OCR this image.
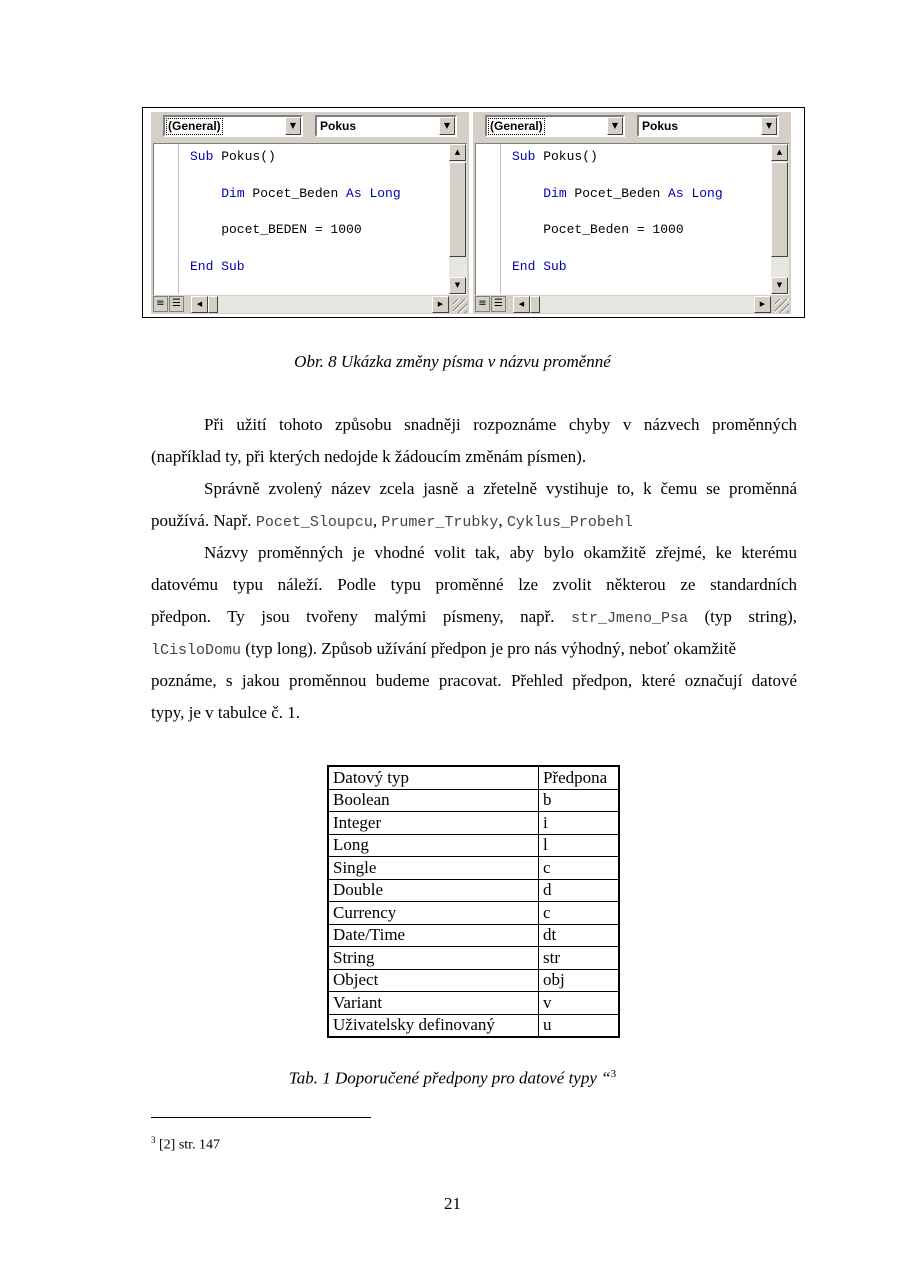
(General)	▼	Pokus	▼
Sub Pokus()
Dim Pocet_Beden As Long
pocet_BEDEN = 1000
End Sub
▲
▼
≡ ☰	◀	▶
(General)	▼	Pokus	▼
Sub Pokus()
Dim Pocet_Beden As Long
Pocet_Beden = 1000
End Sub
▲
▼
≡ ☰	◀	▶
Obr. 8 Ukázka změny písma v názvu proměnné
Při užití tohoto způsobu snadněji rozpoznáme chyby v názvech proměnných
(například ty, při kterých nedojde k žádoucím změnám písmen).
Správně zvolený název zcela jasně a zřetelně vystihuje to, k čemu se proměnná
používá. Např. Pocet_Sloupcu, Prumer_Trubky, Cyklus_Probehl
Názvy proměnných je vhodné volit tak, aby bylo okamžitě zřejmé, ke kterému
datovému typu náleží. Podle typu proměnné lze zvolit některou ze standardních
předpon. Ty jsou tvořeny malými písmeny, např. str_Jmeno_Psa (typ string),
lCisloDomu (typ long). Způsob užívání předpon je pro nás výhodný, neboť okamžitě
poznáme, s jakou proměnnou budeme pracovat. Přehled předpon, které označují datové
typy, je v tabulce č. 1.
Datový typ	Předpona
Boolean	b
Integer	i
Long	l
Single	c
Double	d
Currency	c
Date/Time	dt
String	str
Object	obj
Variant	v
Uživatelsky definovaný	u
Tab. 1 Doporučené předpony pro datové typy “$^3$
$^3$ [2] str. 147
21
